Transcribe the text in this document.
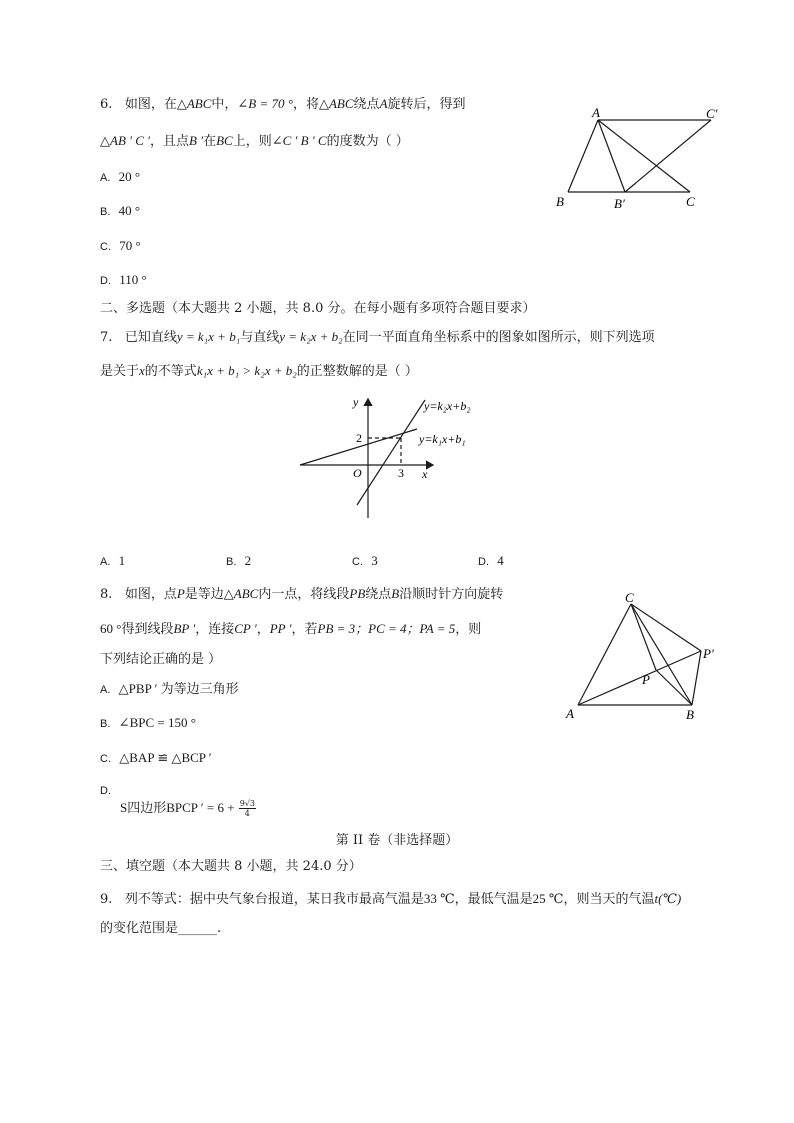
6. 如图，在△ABC中，∠B = 70 °，将△ABC绕点A旋转后，得到
△AB ′ C ′，且点B ′在BC上，则∠C ′ B ′ C的度数为（ ）
A. 20 °
B. 40 °
C. 70 °
D. 110 °
A	C′
B	B′	C
二、多选题（本大题共 2 小题，共 8.0 分。在每小题有多项符合题目要求）
7. 已知直线y = k₁x + b₁与直线y = k₂x + b₂在同一平面直角坐标系中的图象如图所示，则下列选项
是关于x的不等式k₁x + b₁ > k₂x + b₂的正整数解的是（ ）
y
x
O
2
3
y=k₂x+b₂
y=k₁x+b₁
A. 1	B. 2	C. 3	D. 4
8. 如图，点P是等边△ABC内一点，将线段PB绕点B沿顺时针方向旋转
60 °得到线段BP ′，连接CP ′，PP ′，若PB = 3；PC = 4；PA = 5，则
下列结论正确的是 ）
A. △PBP ′ 为等边三角形
B. ∠BPC = 150 °
C. △BAP ≌ △BCP ′
D.
S四边形BPCP ′ = $6 + \frac{9√3}{4}$
C
P′
P
A	B
第 II 卷（非选择题）
三、填空题（本大题共 8 小题，共 24.0 分）
9. 列不等式：据中央气象台报道，某日我市最高气温是33 ℃，最低气温是25 ℃，则当天的气温t(℃)
的变化范围是______.
